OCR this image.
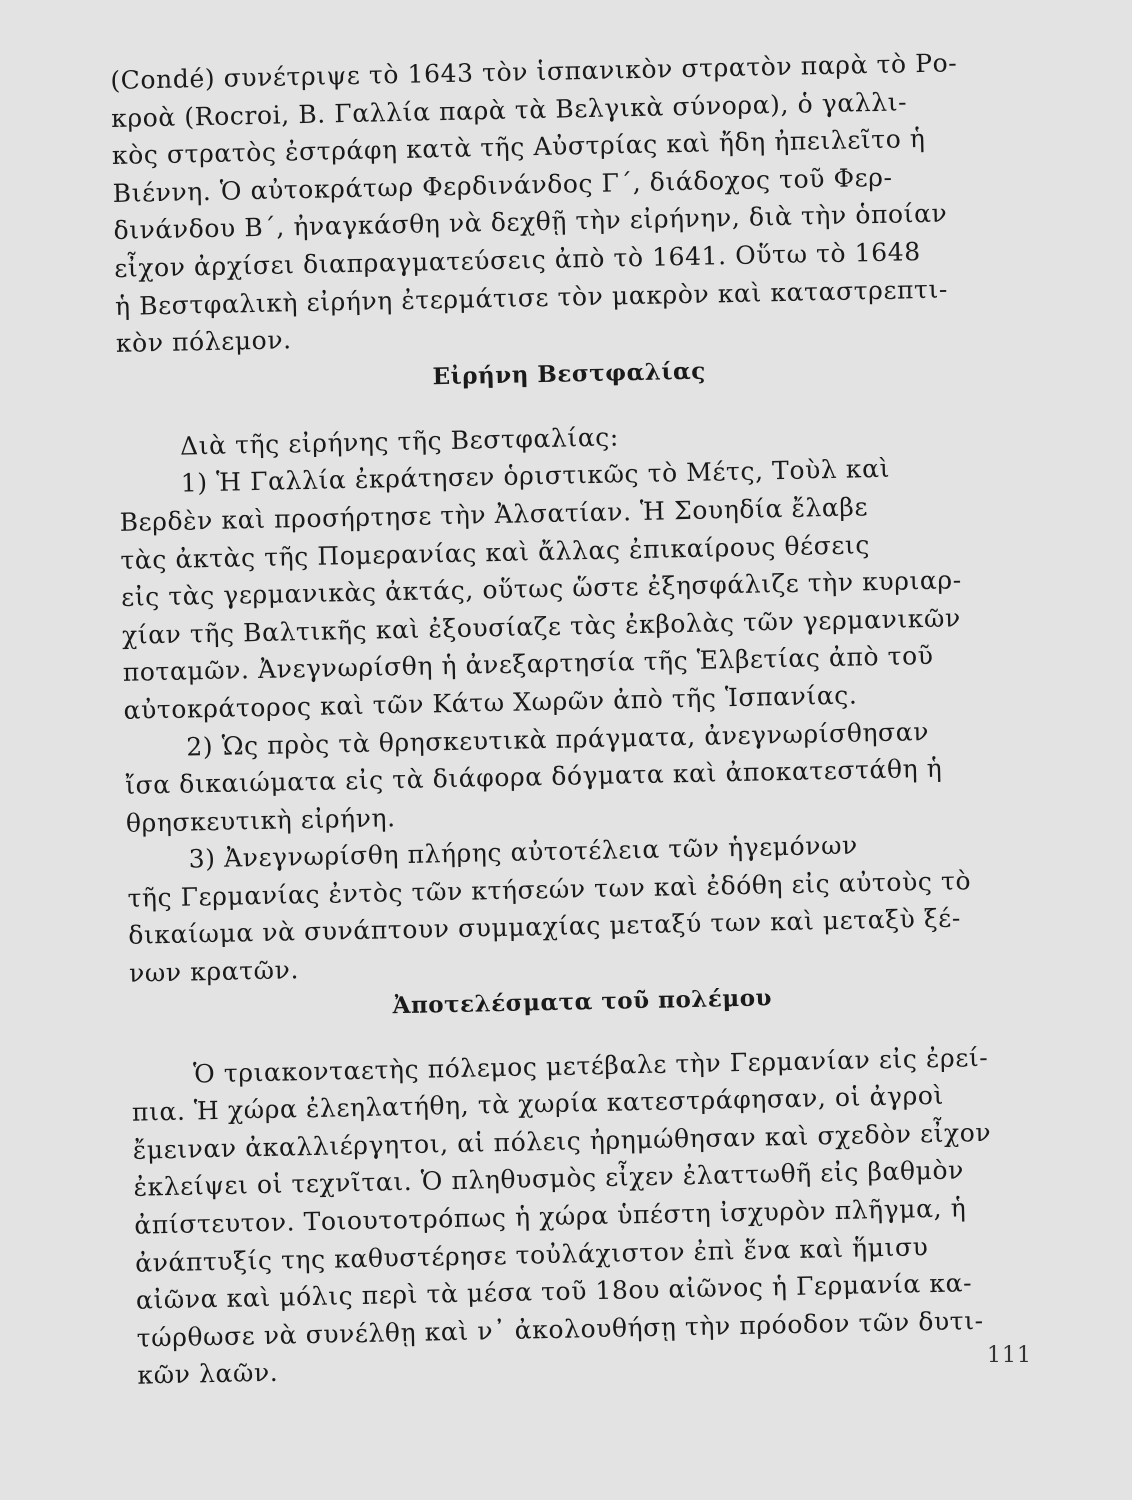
(Condé) συνέτριψε τὸ 1643 τὸν ἱσπανικὸν στρατὸν παρὰ τὸ Ρο-
κροὰ (Rocroi, Β. Γαλλία παρὰ τὰ Βελγικὰ σύνορα), ὁ γαλλι-
κὸς στρατὸς ἐστράφη κατὰ τῆς Αὐστρίας καὶ ἤδη ἠπειλεῖτο ἡ
Βιέννη. Ὁ αὐτοκράτωρ Φερδινάνδος Γ΄, διάδοχος τοῦ Φερ-
δινάνδου Β΄, ἠναγκάσθη νὰ δεχθῇ τὴν εἰρήνην, διὰ τὴν ὁποίαν
εἶχον ἀρχίσει διαπραγματεύσεις ἀπὸ τὸ 1641. Οὕτω τὸ 1648
ἡ Βεστφαλικὴ εἰρήνη ἐτερμάτισε τὸν μακρὸν καὶ καταστρεπτι-
κὸν πόλεμον.
Εἰρήνη Βεστφαλίας
Διὰ τῆς εἰρήνης τῆς Βεστφαλίας:
1) Ἡ Γαλλία ἐκράτησεν ὁριστικῶς τὸ Μέτς, Τοὺλ καὶ
Βερδὲν καὶ προσήρτησε τὴν Ἀλσατίαν. Ἡ Σουηδία ἔλαβε
τὰς ἀκτὰς τῆς Πομερανίας καὶ ἄλλας ἐπικαίρους θέσεις
εἰς τὰς γερμανικὰς ἀκτάς, οὕτως ὥστε ἐξησφάλιζε τὴν κυριαρ-
χίαν τῆς Βαλτικῆς καὶ ἐξουσίαζε τὰς ἐκβολὰς τῶν γερμανικῶν
ποταμῶν. Ἀνεγνωρίσθη ἡ ἀνεξαρτησία τῆς Ἑλβετίας ἀπὸ τοῦ
αὐτοκράτορος καὶ τῶν Κάτω Χωρῶν ἀπὸ τῆς Ἱσπανίας.
2) Ὡς πρὸς τὰ θρησκευτικὰ πράγματα, ἀνεγνωρίσθησαν
ἴσα δικαιώματα εἰς τὰ διάφορα δόγματα καὶ ἀποκατεστάθη ἡ
θρησκευτικὴ εἰρήνη.
3) Ἀνεγνωρίσθη πλήρης αὐτοτέλεια τῶν ἡγεμόνων
τῆς Γερμανίας ἐντὸς τῶν κτήσεών των καὶ ἐδόθη εἰς αὐτοὺς τὸ
δικαίωμα νὰ συνάπτουν συμμαχίας μεταξύ των καὶ μεταξὺ ξέ-
νων κρατῶν.
Ἀποτελέσματα τοῦ πολέμου
Ὁ τριακονταετὴς πόλεμος μετέβαλε τὴν Γερμανίαν εἰς ἐρεί-
πια. Ἡ χώρα ἐλεηλατήθη, τὰ χωρία κατεστράφησαν, οἱ ἀγροὶ
ἔμειναν ἀκαλλιέργητοι, αἱ πόλεις ἠρημώθησαν καὶ σχεδὸν εἶχον
ἐκλείψει οἱ τεχνῖται. Ὁ πληθυσμὸς εἶχεν ἐλαττωθῆ εἰς βαθμὸν
ἀπίστευτον. Τοιουτοτρόπως ἡ χώρα ὑπέστη ἰσχυρὸν πλῆγμα, ἡ
ἀνάπτυξίς της καθυστέρησε τοὐλάχιστον ἐπὶ ἕνα καὶ ἥμισυ
αἰῶνα καὶ μόλις περὶ τὰ μέσα τοῦ 18ου αἰῶνος ἡ Γερμανία κα-
τώρθωσε νὰ συνέλθῃ καὶ ν᾽ ἀκολουθήσῃ τὴν πρόοδον τῶν δυτι-
κῶν λαῶν.
111
